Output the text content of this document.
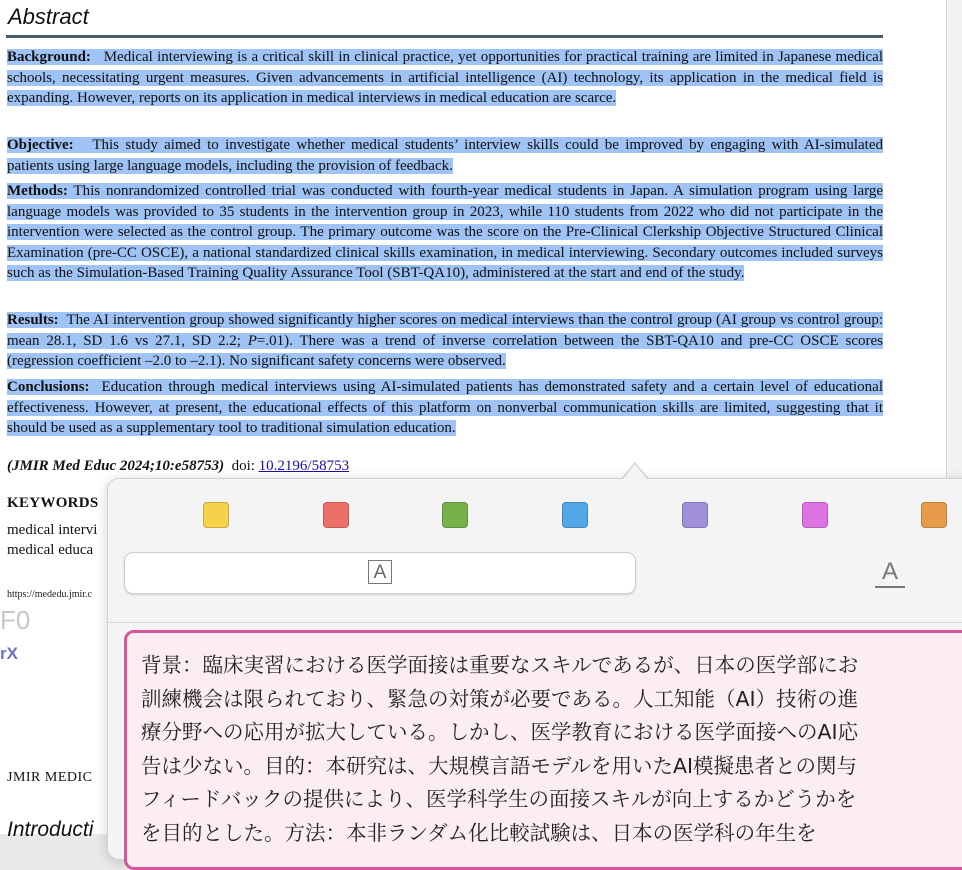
Abstract

Background: Medical interviewing is a critical skill in clinical practice, yet opportunities for practical training are limited in Japanese medical schools, necessitating urgent measures. Given advancements in artificial intelligence (AI) technology, its application in the medical field is expanding. However, reports on its application in medical interviews in medical education are scarce.

Objective: This study aimed to investigate whether medical students’ interview skills could be improved by engaging with AI-simulated patients using large language models, including the provision of feedback.

Methods: This nonrandomized controlled trial was conducted with fourth-year medical students in Japan. A simulation program using large language models was provided to 35 students in the intervention group in 2023, while 110 students from 2022 who did not participate in the intervention were selected as the control group. The primary outcome was the score on the Pre-Clinical Clerkship Objective Structured Clinical Examination (pre-CC OSCE), a national standardized clinical skills examination, in medical interviewing. Secondary outcomes included surveys such as the Simulation-Based Training Quality Assurance Tool (SBT-QA10), administered at the start and end of the study.

Results: The AI intervention group showed significantly higher scores on medical interviews than the control group (AI group vs control group: mean 28.1, SD 1.6 vs 27.1, SD 2.2; P=.01). There was a trend of inverse correlation between the SBT-QA10 and pre-CC OSCE scores (regression coefficient –2.0 to –2.1). No significant safety concerns were observed.

Conclusions: Education through medical interviews using AI-simulated patients has demonstrated safety and a certain level of educational effectiveness. However, at present, the educational effects of this platform on nonverbal communication skills are limited, suggesting that it should be used as a supplementary tool to traditional simulation education.

(JMIR Med Educ 2024;10:e58753) doi: 10.2196/58753
KEYWORDS
medical intervi
medical educa
https://mededu.jmir.c
F0
rX
JMIR MEDIC
Introducti
A	A
背景：臨床実習における医学面接は重要なスキルであるが、日本の医学部にお
訓練機会は限られており、緊急の対策が必要である。人工知能（AI）技術の進
療分野への応用が拡大している。しかし、医学教育における医学面接へのAI応
告は少ない。目的：本研究は、大規模言語モデルを用いたAI模擬患者との関与
フィードバックの提供により、医学科学生の面接スキルが向上するかどうかを
を目的とした。方法：本非ランダム化比較試験は、日本の医学科の年生を
